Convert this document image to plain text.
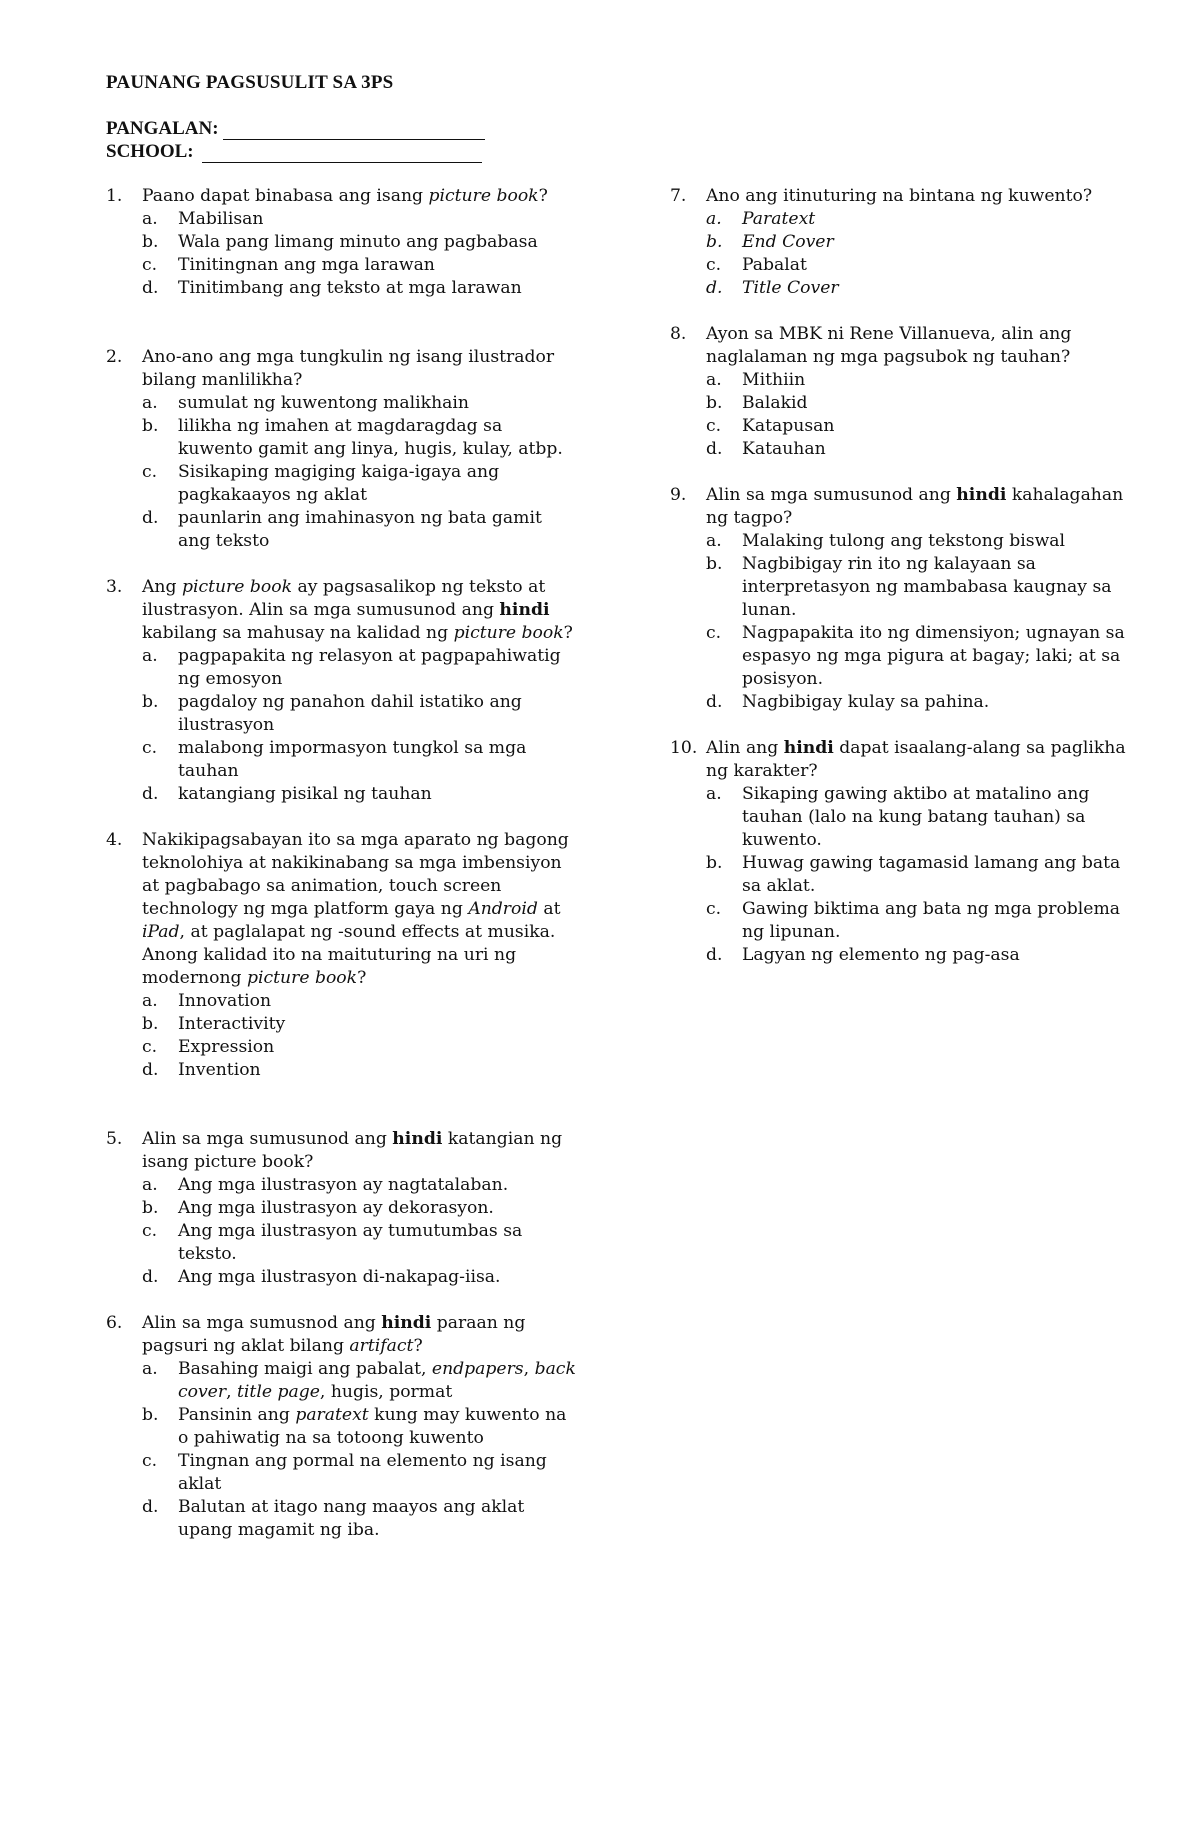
PAUNANG PAGSUSULIT SA 3PS
PANGALAN:
SCHOOL:
1.	Paano dapat binabasa ang isang picture book?
a.	Mabilisan
b.	Wala pang limang minuto ang pagbabasa
c.	Tinitingnan ang mga larawan
d.	Tinitimbang ang teksto at mga larawan
2.	Ano-ano ang mga tungkulin ng isang ilustrador bilang manlilikha?
a.	sumulat ng kuwentong malikhain
b.	lilikha ng imahen at magdaragdag sa kuwento gamit ang linya, hugis, kulay, atbp.
c.	Sisikaping magiging kaiga-igaya ang pagkakaayos ng aklat
d.	paunlarin ang imahinasyon ng bata gamit ang teksto
3.	Ang picture book ay pagsasalikop ng teksto at ilustrasyon. Alin sa mga sumusunod ang hindi kabilang sa mahusay na kalidad ng picture book?
a.	pagpapakita ng relasyon at pagpapahiwatig ng emosyon
b.	pagdaloy ng panahon dahil istatiko ang ilustrasyon
c.	malabong impormasyon tungkol sa mga tauhan
d.	katangiang pisikal ng tauhan
4.	Nakikipagsabayan ito sa mga aparato ng bagong teknolohiya at nakikinabang sa mga imbensiyon at pagbabago sa animation, touch screen technology ng mga platform gaya ng Android at iPad, at paglalapat ng -sound effects at musika. Anong kalidad ito na maituturing na uri ng modernong picture book?
a.	Innovation
b.	Interactivity
c.	Expression
d.	Invention
5.	Alin sa mga sumusunod ang hindi katangian ng isang picture book?
a.	Ang mga ilustrasyon ay nagtatalaban.
b.	Ang mga ilustrasyon ay dekorasyon.
c.	Ang mga ilustrasyon ay tumutumbas sa teksto.
d.	Ang mga ilustrasyon di-nakapag-iisa.
6.	Alin sa mga sumusnod ang hindi paraan ng pagsuri ng aklat bilang artifact?
a.	Basahing maigi ang pabalat, endpapers, back cover, title page, hugis, pormat
b.	Pansinin ang paratext kung may kuwento na o pahiwatig na sa totoong kuwento
c.	Tingnan ang pormal na elemento ng isang aklat
d.	Balutan at itago nang maayos ang aklat upang magamit ng iba.
7.	Ano ang itinuturing na bintana ng kuwento?
a.	Paratext
b.	End Cover
c.	Pabalat
d.	Title Cover
8.	Ayon sa MBK ni Rene Villanueva, alin ang naglalaman ng mga pagsubok ng tauhan?
a.	Mithiin
b.	Balakid
c.	Katapusan
d.	Katauhan
9.	Alin sa mga sumusunod ang hindi kahalagahan ng tagpo?
a.	Malaking tulong ang tekstong biswal
b.	Nagbibigay rin ito ng kalayaan sa interpretasyon ng mambabasa kaugnay sa lunan.
c.	Nagpapakita ito ng dimensiyon; ugnayan sa espasyo ng mga pigura at bagay; laki; at sa posisyon.
d.	Nagbibigay kulay sa pahina.
10. Alin ang hindi dapat isaalang-alang sa paglikha ng karakter?
a.	Sikaping gawing aktibo at matalino ang tauhan (lalo na kung batang tauhan) sa kuwento.
b.	Huwag gawing tagamasid lamang ang bata sa aklat.
c.	Gawing biktima ang bata ng mga problema ng lipunan.
d.	Lagyan ng elemento ng pag-asa
